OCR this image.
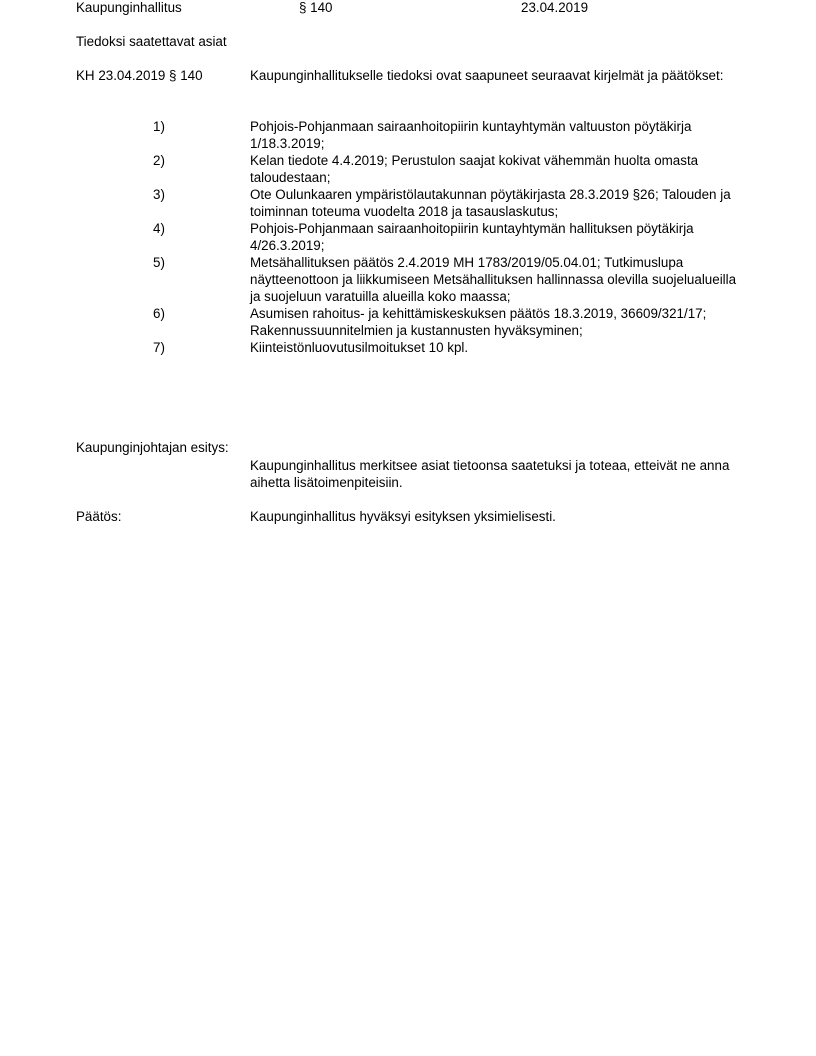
Kaupunginhallitus	§ 140	23.04.2019
Tiedoksi saatettavat asiat
KH 23.04.2019 § 140	Kaupunginhallitukselle tiedoksi ovat saapuneet seuraavat kirjelmät ja päätökset:
1)	Pohjois-Pohjanmaan sairaanhoitopiirin kuntayhtymän valtuuston pöytäkirja 1/18.3.2019;
2)	Kelan tiedote 4.4.2019; Perustulon saajat kokivat vähemmän huolta omasta taloudestaan;
3)	Ote Oulunkaaren ympäristölautakunnan pöytäkirjasta 28.3.2019 §26; Talouden ja toiminnan toteuma vuodelta 2018 ja tasauslaskutus;
4)	Pohjois-Pohjanmaan sairaanhoitopiirin kuntayhtymän hallituksen pöytäkirja 4/26.3.2019;
5)	Metsähallituksen päätös 2.4.2019 MH 1783/2019/05.04.01; Tutkimuslupa näytteenottoon ja liikkumiseen Metsähallituksen hallinnassa olevilla suojelualueilla ja suojeluun varatuilla alueilla koko maassa;
6)	Asumisen rahoitus- ja kehittämiskeskuksen päätös 18.3.2019, 36609/321/17; Rakennussuunnitelmien ja kustannusten hyväksyminen;
7)	Kiinteistönluovutusilmoitukset 10 kpl.
Kaupunginjohtajan esitys:
Kaupunginhallitus merkitsee asiat tietoonsa saatetuksi ja toteaa, etteivät ne anna aihetta lisätoimenpiteisiin.
Päätös:	Kaupunginhallitus hyväksyi esityksen yksimielisesti.
